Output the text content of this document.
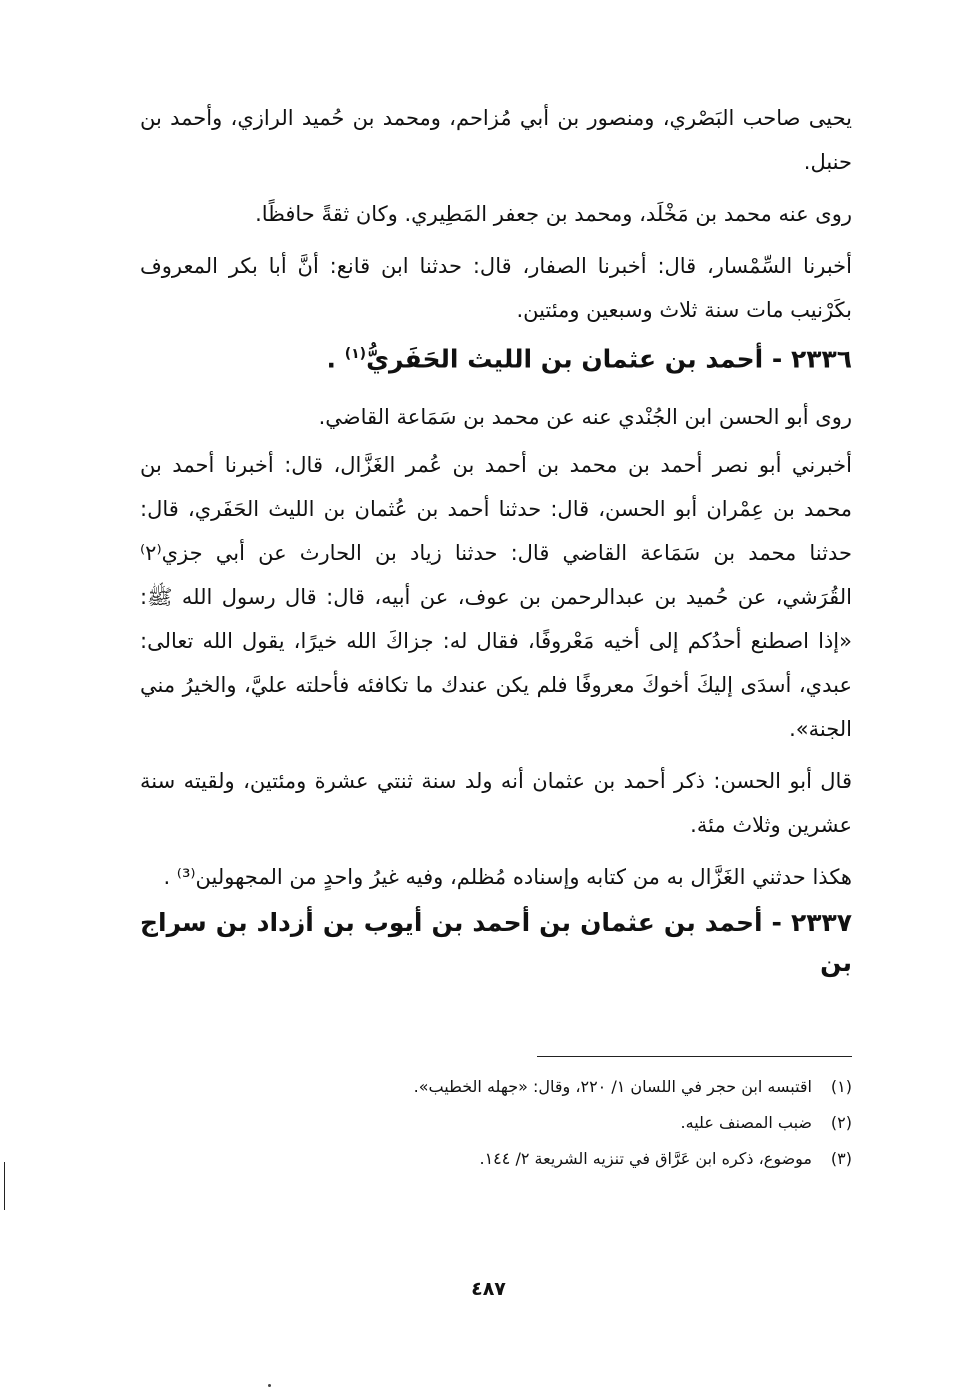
يحيى صاحب البَصْري، ومنصور بن أبي مُزاحم، ومحمد بن حُميد الرازي، وأحمد بن حنبل.

روى عنه محمد بن مَخْلَد، ومحمد بن جعفر المَطِيري. وكان ثقةً حافظًا.

أخبرنا السِّمْسار، قال: أخبرنا الصفار، قال: حدثنا ابن قانع: أنَّ أبا بكر المعروف بكَرْنيب مات سنة ثلاث وسبعين ومئتين.

٢٣٣٦ - أحمد بن عثمان بن الليث الحَفَريُّ$^{(١)}$ .

روى أبو الحسن ابن الجُنْدي عنه عن محمد بن سَمَاعة القاضي.

أخبرني أبو نصر أحمد بن محمد بن أحمد بن عُمر الغَزَّال، قال: أخبرنا أحمد بن محمد بن عِمْران أبو الحسن، قال: حدثنا أحمد بن عُثمان بن الليث الحَفَري، قال: حدثنا محمد بن سَمَاعة القاضي قال: حدثنا زياد بن الحارث عن أبي جزي⁽٢⁾ القُرَشي، عن حُميد بن عبدالرحمن بن عوف، عن أبيه، قال: قال رسول الله ﷺ: «إذا اصطنع أحدُكم إلى أخيه مَعْروفًا، فقال له: جزاكَ الله خيرًا، يقول الله تعالى: عبدي، أسدَى إليكَ أخوكَ معروفًا فلم يكن عندك ما تكافئه فأحلته عليَّ، والخيرُ مني الجنة».

قال أبو الحسن: ذكر أحمد بن عثمان أنه ولد سنة ثنتي عشرة ومئتين، ولقيته سنة عشرين وثلاث مئة.

هكذا حدثني الغَزَّال به من كتابه وإسناده مُظلم، وفيه غيرُ واحدٍ من المجهولين⁽³⁾ .

٢٣٣٧ - أحمد بن عثمان بن أحمد بن أيوب بن أزداد بن سراج بن

(١)اقتبسه ابن حجر في اللسان ١/ ٢٢٠، وقال: «جهله الخطيب».

(٢)ضبب المصنف عليه.

(٣)موضوع، ذكره ابن عَرَّاق في تنزيه الشريعة ٢/ ١٤٤.

٤٨٧
